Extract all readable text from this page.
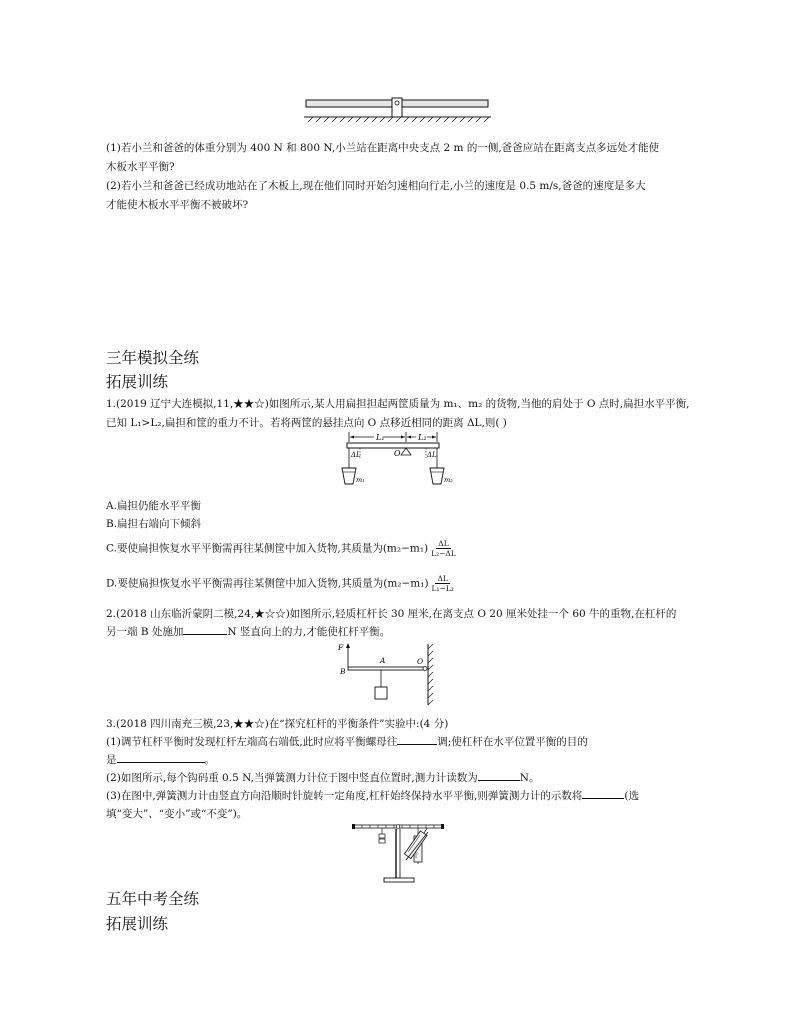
(1)若小兰和爸爸的体重分别为 400 N 和 800 N,小兰站在距离中央支点 2 m 的一侧,爸爸应站在距离支点多远处才能使
木板水平平衡?
(2)若小兰和爸爸已经成功地站在了木板上,现在他们同时开始匀速相向行走,小兰的速度是 0.5 m/s,爸爸的速度是多大
才能使木板水平平衡不被破坏?
三年模拟全练
拓展训练
1.(2019 辽宁大连模拟,11,★★☆)如图所示,某人用扁担担起两筐质量为 m₁、m₂ 的货物,当他的肩处于 O 点时,扁担水平平衡,
已知 L₁>L₂,扁担和筐的重力不计。若将两筐的悬挂点向 O 点移近相同的距离 ΔL,则( )
L₁	L₂
O
ΔL	ΔL
m₁	m₂
A.扁担仍能水平平衡
B.扁担右端向下倾斜
C.要使扁担恢复水平平衡需再往某侧筐中加入货物,其质量为$(m_2-m_1) \frac{\Delta L}{\text{L₂−ΔL}}$
D.要使扁担恢复水平平衡需再往某侧筐中加入货物,其质量为$(m_2-m_1) \frac{\Delta L}{\text{L₁−L₂}}$
2.(2018 山东临沂蒙阴二模,24,★☆☆)如图所示,轻质杠杆长 30 厘米,在离支点 O 20 厘米处挂一个 60 牛的重物,在杠杆的
另一端 B 处施加	N 竖直向上的力,才能使杠杆平衡。
F
B
A	O
3.(2018 四川南充三模,23,★★☆)在“探究杠杆的平衡条件”实验中:(4 分)
(1)调节杠杆平衡时发现杠杆左端高右端低,此时应将平衡螺母往	调;使杠杆在水平位置平衡的目的
是	。
(2)如图所示,每个钩码重 0.5 N,当弹簧测力计位于图中竖直位置时,测力计读数为	N。
(3)在图中,弹簧测力计由竖直方向沿顺时针旋转一定角度,杠杆始终保持水平平衡,则弹簧测力计的示数将	(选
填“变大”、“变小”或“不变”)。
五年中考全练
拓展训练
